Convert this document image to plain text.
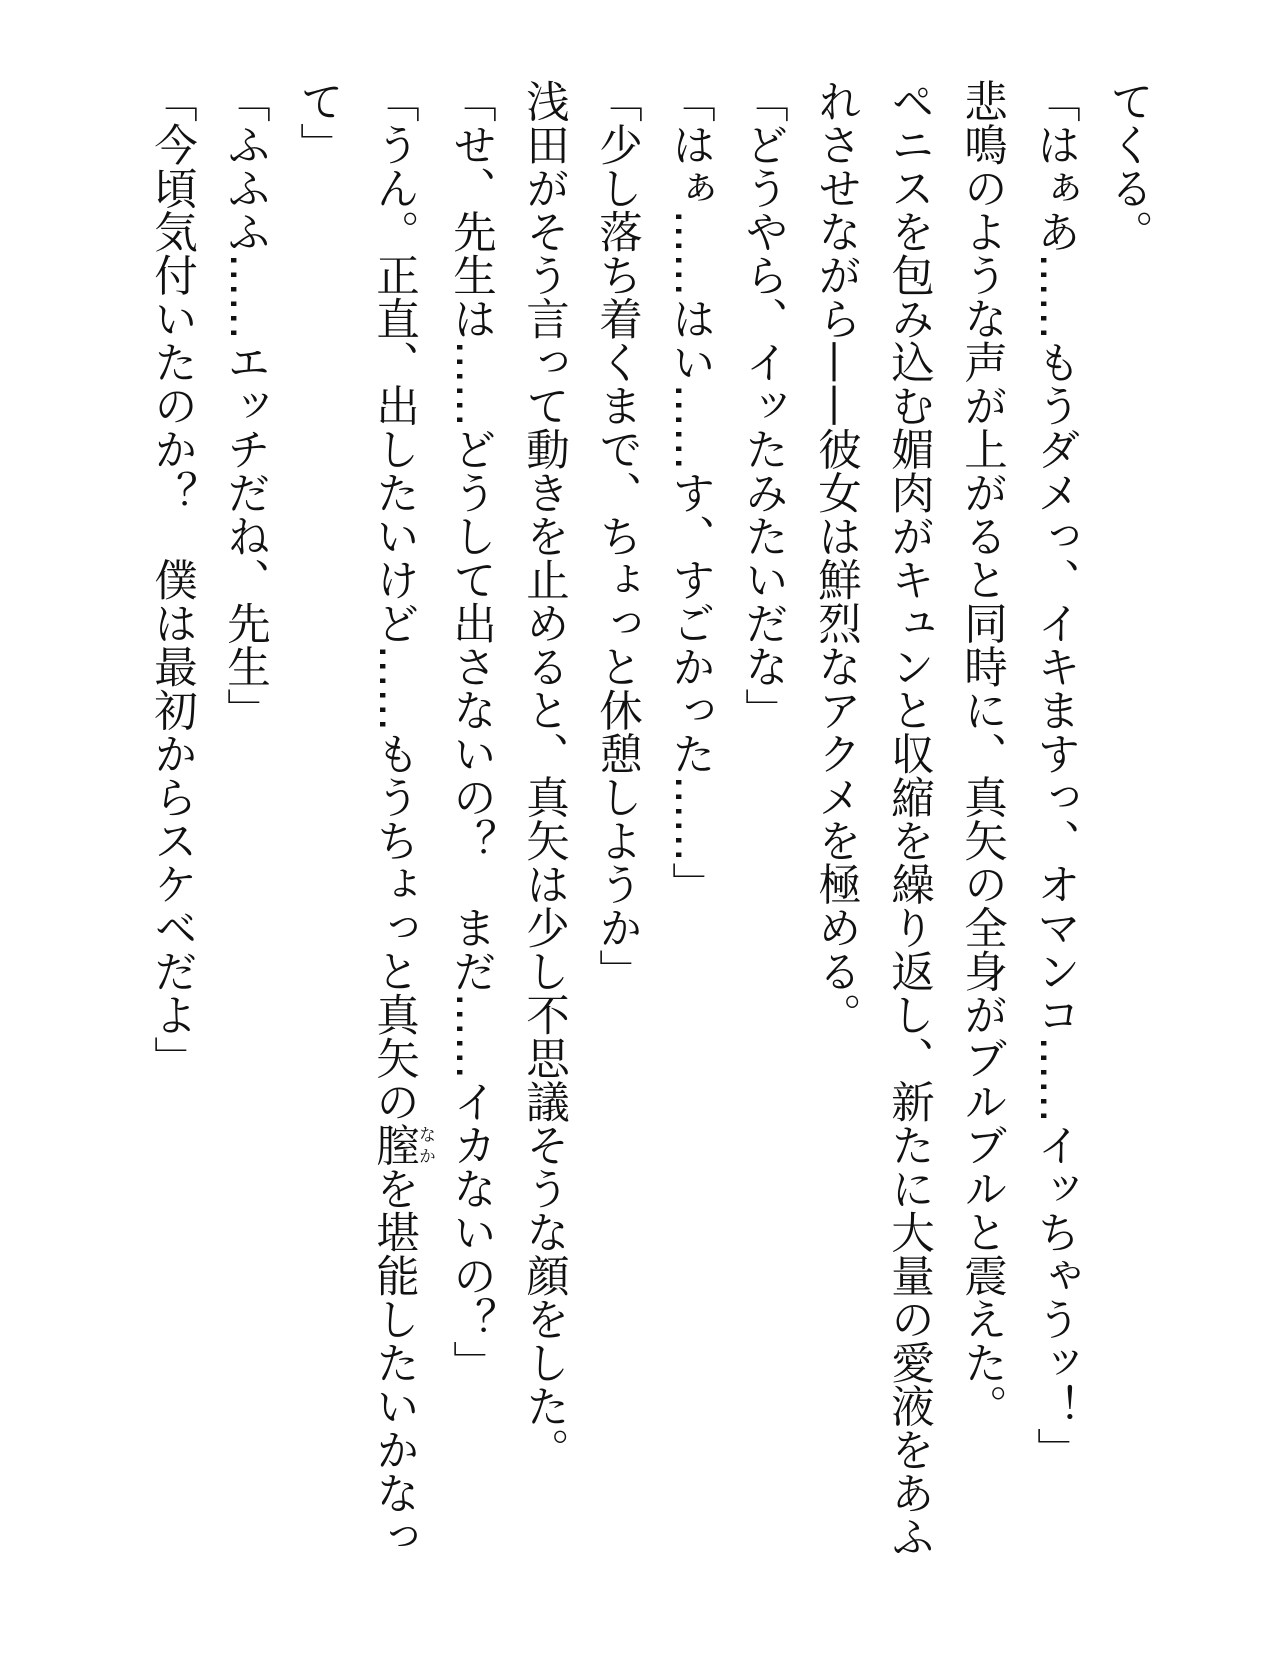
てくる。
「はぁあ……もうダメっ、イキますっ、オマンコ……イッちゃうッ！」
悲鳴のような声が上がると同時に、真矢の全身がブルブルと震えた。
ペニスを包み込む媚肉がキュンと収縮を繰り返し、新たに大量の愛液をあふ
れさせながら——彼女は鮮烈なアクメを極める。
「どうやら、イッたみたいだな」
「はぁ……はい……す、すごかった……」
「少し落ち着くまで、ちょっと休憩しようか」
浅田がそう言って動きを止めると、真矢は少し不思議そうな顔をした。
「せ、先生は……どうして出さないの？　まだ……イカないの？」
「うん。正直、出したいけど……もうちょっと真矢の膣なかを堪能したいかなっ
て」
「ふふふ……エッチだね、先生」
「今頃気付いたのか？　僕は最初からスケベだよ」
